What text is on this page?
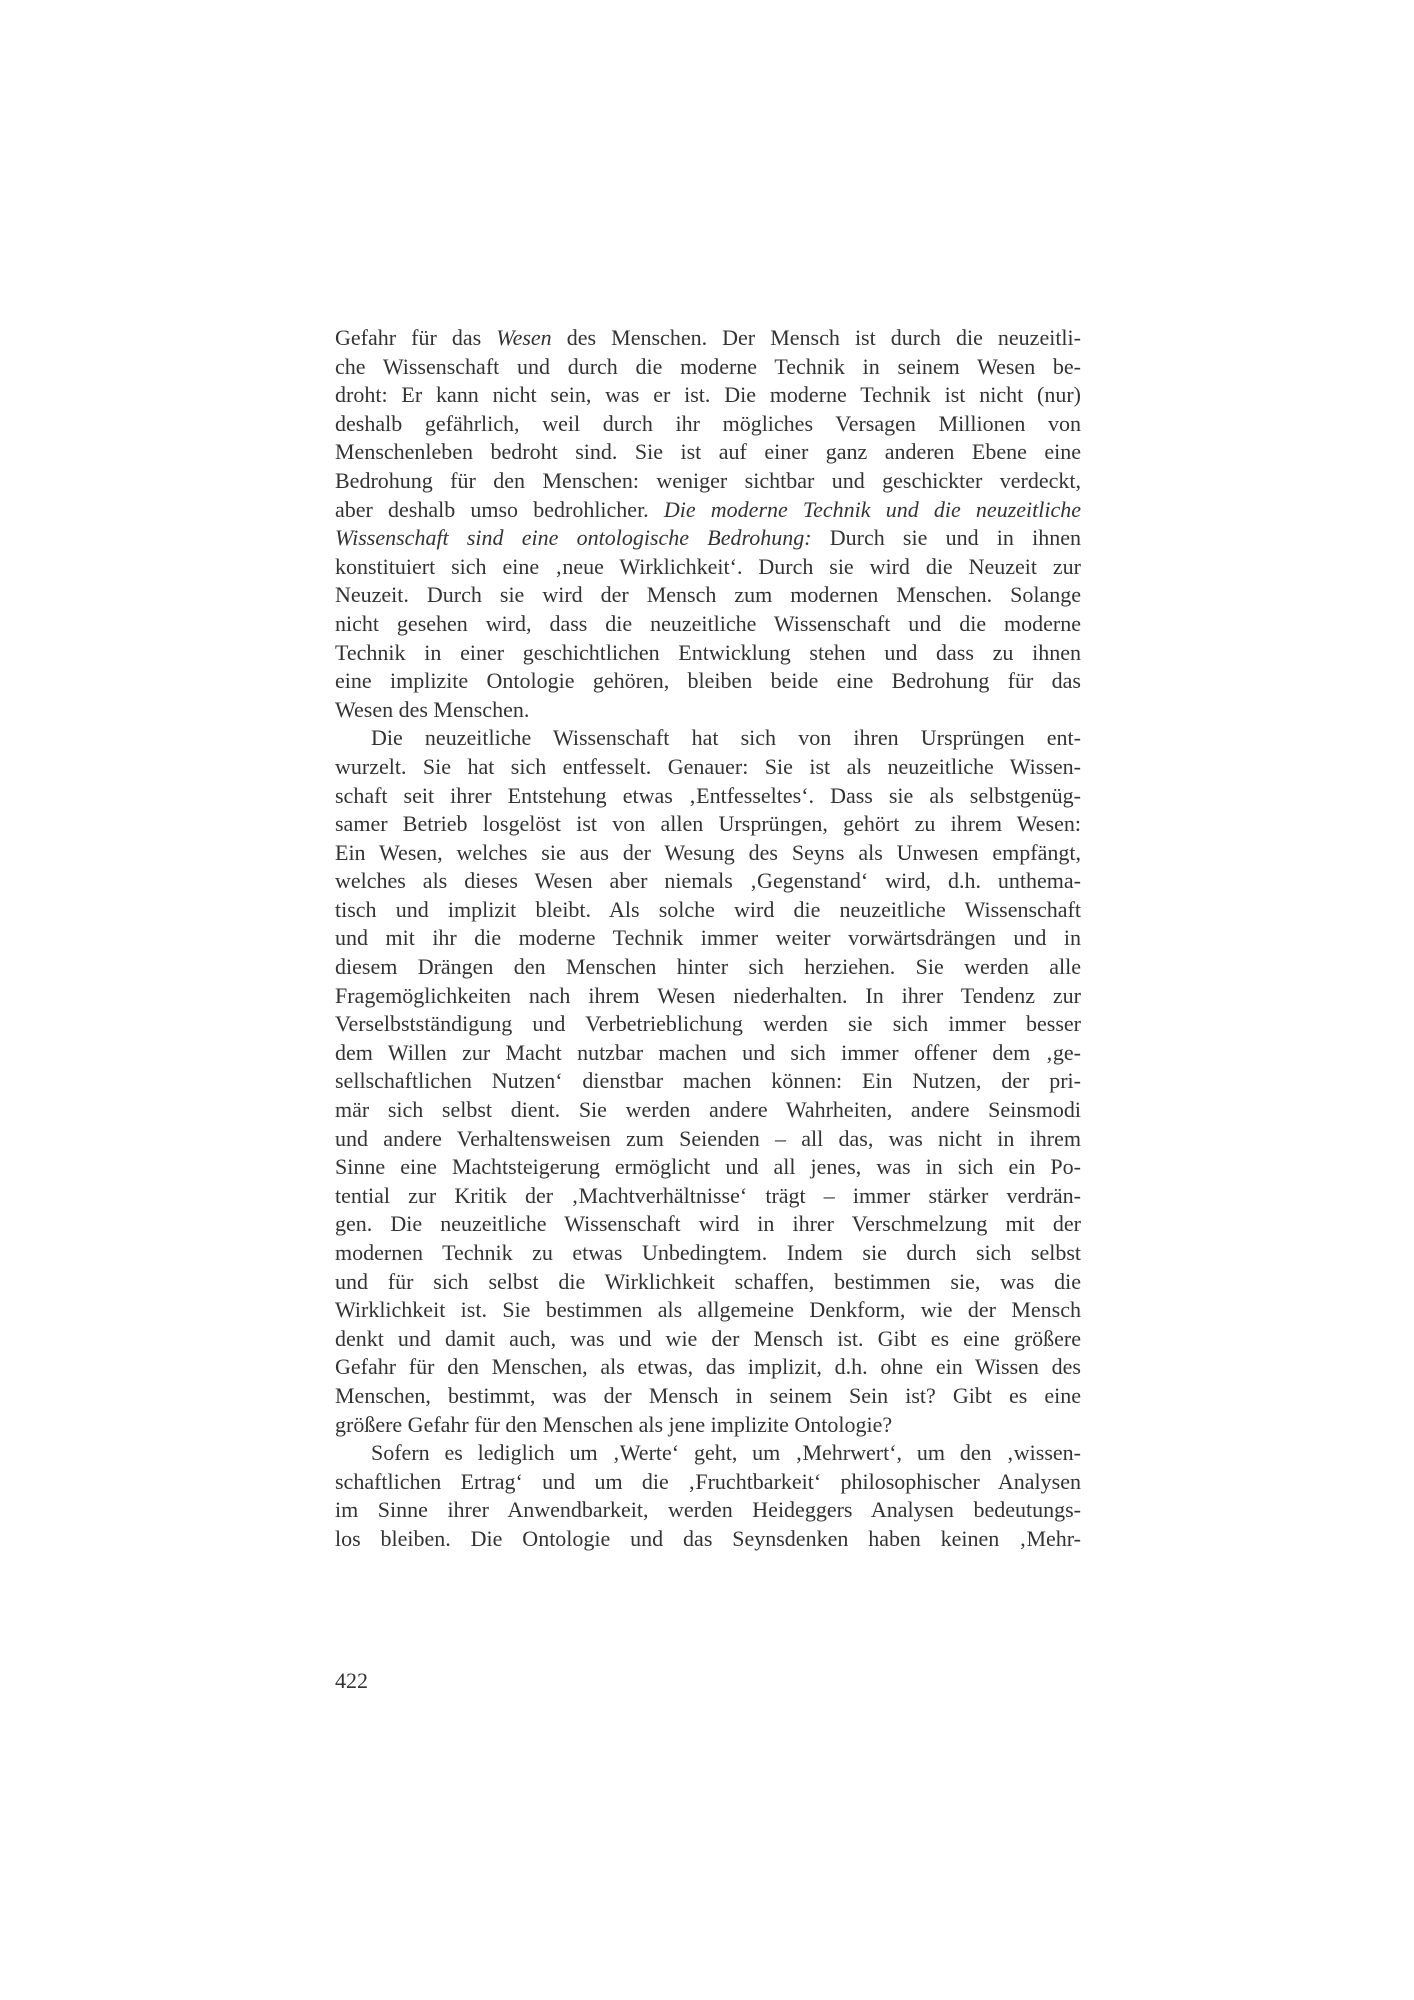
Gefahr für das Wesen des Menschen. Der Mensch ist durch die neuzeitli-
che Wissenschaft und durch die moderne Technik in seinem Wesen be-
droht: Er kann nicht sein, was er ist. Die moderne Technik ist nicht (nur)
deshalb gefährlich, weil durch ihr mögliches Versagen Millionen von
Menschenleben bedroht sind. Sie ist auf einer ganz anderen Ebene eine
Bedrohung für den Menschen: weniger sichtbar und geschickter verdeckt,
aber deshalb umso bedrohlicher. Die moderne Technik und die neuzeitliche
Wissenschaft sind eine ontologische Bedrohung: Durch sie und in ihnen
konstituiert sich eine ‚neue Wirklichkeit‘. Durch sie wird die Neuzeit zur
Neuzeit. Durch sie wird der Mensch zum modernen Menschen. Solange
nicht gesehen wird, dass die neuzeitliche Wissenschaft und die moderne
Technik in einer geschichtlichen Entwicklung stehen und dass zu ihnen
eine implizite Ontologie gehören, bleiben beide eine Bedrohung für das
Wesen des Menschen.
Die neuzeitliche Wissenschaft hat sich von ihren Ursprüngen ent-
wurzelt. Sie hat sich entfesselt. Genauer: Sie ist als neuzeitliche Wissen-
schaft seit ihrer Entstehung etwas ‚Entfesseltes‘. Dass sie als selbstgenüg-
samer Betrieb losgelöst ist von allen Ursprüngen, gehört zu ihrem Wesen:
Ein Wesen, welches sie aus der Wesung des Seyns als Unwesen empfängt,
welches als dieses Wesen aber niemals ‚Gegenstand‘ wird, d.h. unthema-
tisch und implizit bleibt. Als solche wird die neuzeitliche Wissenschaft
und mit ihr die moderne Technik immer weiter vorwärtsdrängen und in
diesem Drängen den Menschen hinter sich herziehen. Sie werden alle
Fragemöglichkeiten nach ihrem Wesen niederhalten. In ihrer Tendenz zur
Verselbstständigung und Verbetrieblichung werden sie sich immer besser
dem Willen zur Macht nutzbar machen und sich immer offener dem ‚ge-
sellschaftlichen Nutzen‘ dienstbar machen können: Ein Nutzen, der pri-
mär sich selbst dient. Sie werden andere Wahrheiten, andere Seinsmodi
und andere Verhaltensweisen zum Seienden – all das, was nicht in ihrem
Sinne eine Machtsteigerung ermöglicht und all jenes, was in sich ein Po-
tential zur Kritik der ‚Machtverhältnisse‘ trägt – immer stärker verdrän-
gen. Die neuzeitliche Wissenschaft wird in ihrer Verschmelzung mit der
modernen Technik zu etwas Unbedingtem. Indem sie durch sich selbst
und für sich selbst die Wirklichkeit schaffen, bestimmen sie, was die
Wirklichkeit ist. Sie bestimmen als allgemeine Denkform, wie der Mensch
denkt und damit auch, was und wie der Mensch ist. Gibt es eine größere
Gefahr für den Menschen, als etwas, das implizit, d.h. ohne ein Wissen des
Menschen, bestimmt, was der Mensch in seinem Sein ist? Gibt es eine
größere Gefahr für den Menschen als jene implizite Ontologie?
Sofern es lediglich um ‚Werte‘ geht, um ‚Mehrwert‘, um den ‚wissen-
schaftlichen Ertrag‘ und um die ‚Fruchtbarkeit‘ philosophischer Analysen
im Sinne ihrer Anwendbarkeit, werden Heideggers Analysen bedeutungs-
los bleiben. Die Ontologie und das Seynsdenken haben keinen ‚Mehr-
422
